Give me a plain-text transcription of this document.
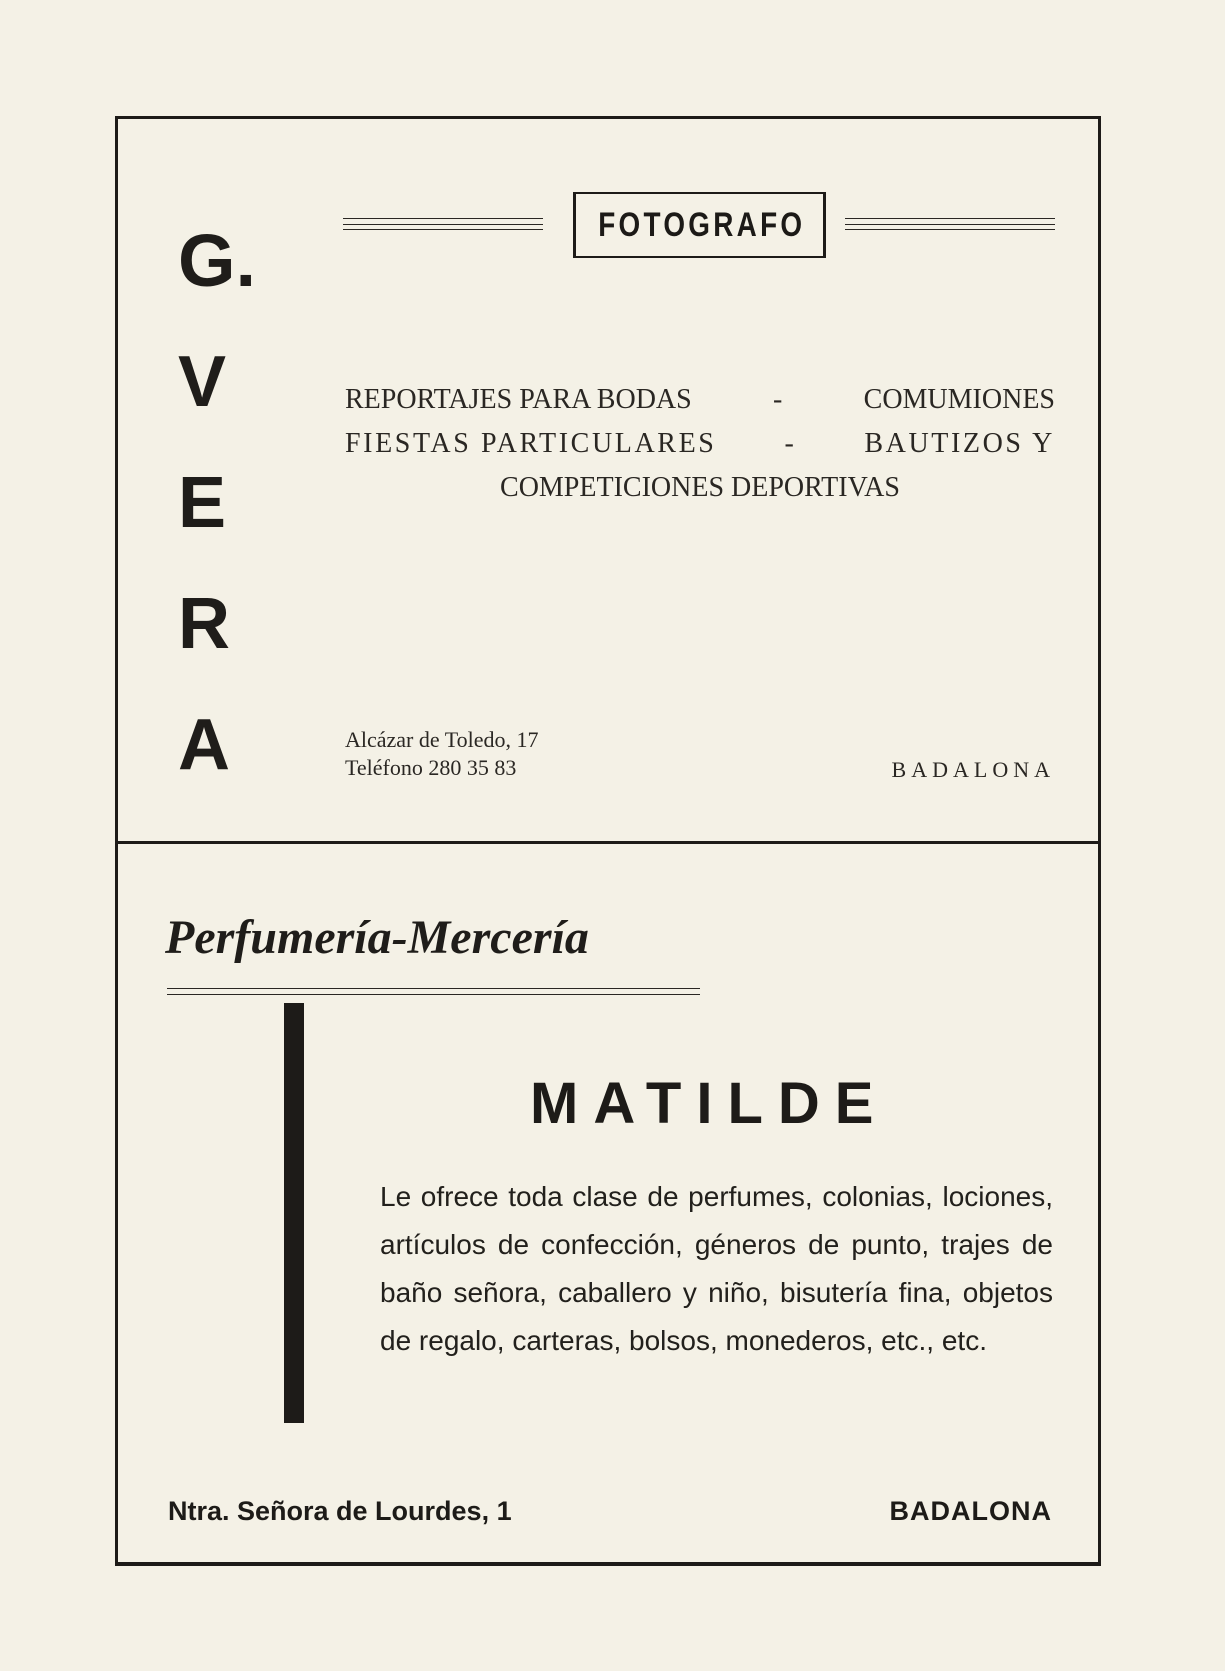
G.
V
E
R
A
FOTOGRAFO
REPORTAJES PARA BODAS	-	COMUMIONES
FIESTAS PARTICULARES - BAUTIZOS Y
COMPETICIONES DEPORTIVAS
Alcázar de Toledo, 17
Teléfono 280 35 83	BADALONA
Perfumería-Mercería
MATILDE
Le ofrece toda clase de perfumes, colonias, lociones, artículos de confección, géneros de punto, trajes de baño señora, caballero y niño, bisutería fina, objetos de regalo, carteras, bolsos, monederos, etc., etc.
Ntra. Señora de Lourdes, 1	BADALONA
